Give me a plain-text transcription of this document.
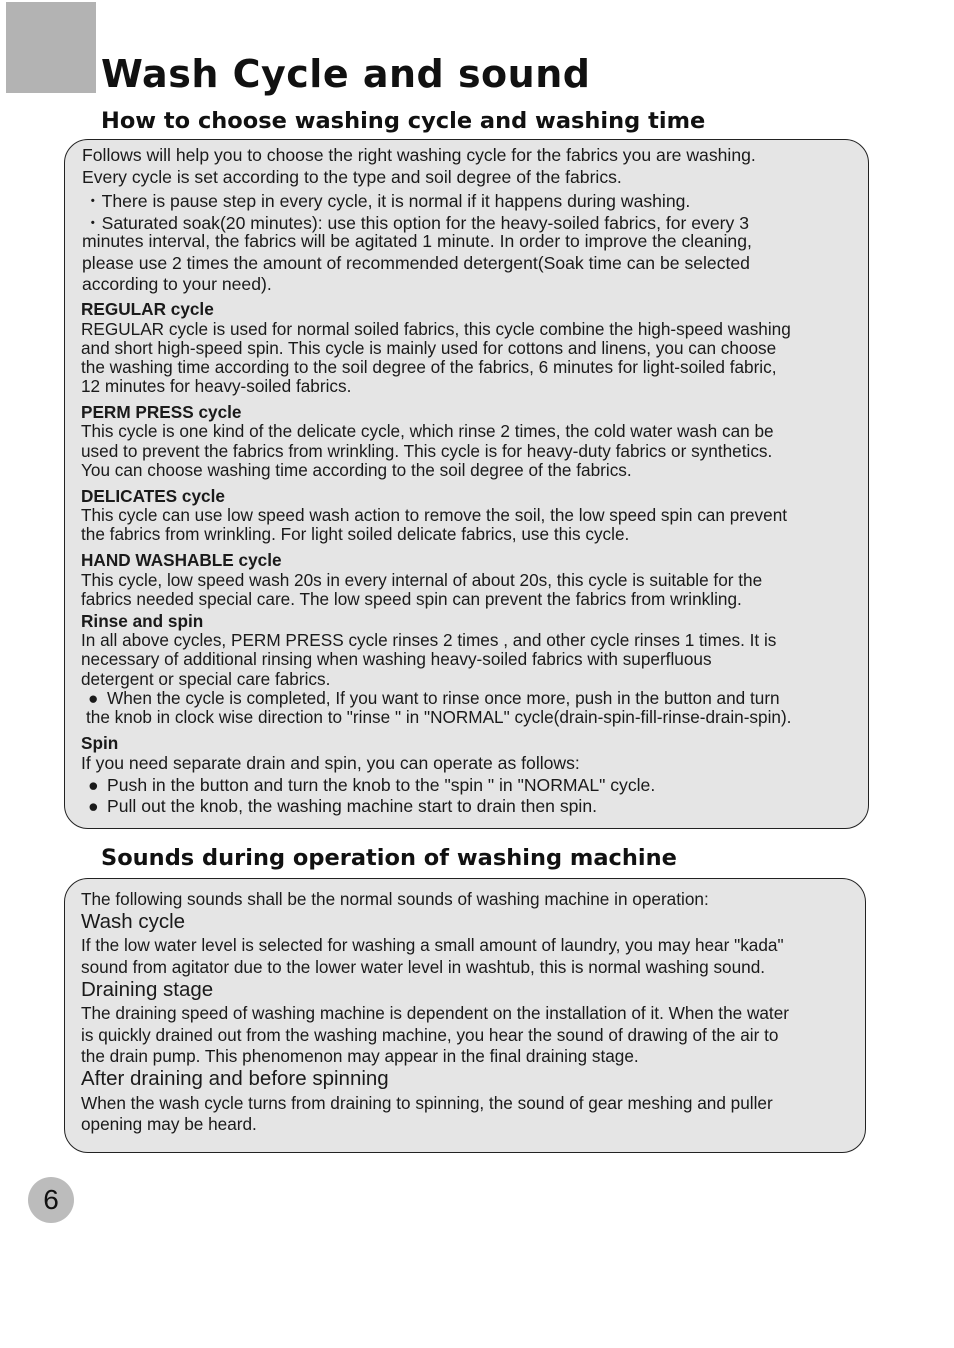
Wash Cycle and sound
How to choose washing cycle and washing time
Follows will help you to choose the right washing cycle for the fabrics you are washing.
Every cycle is set according to the type and soil degree of the fabrics.
・There is pause step in every cycle, it is normal if it happens during washing.
・Saturated soak(20 minutes): use this option for the heavy-soiled fabrics, for every 3
minutes interval, the fabrics will be agitated 1 minute. In order to improve the cleaning,
please use 2 times the amount of recommended detergent(Soak time can be selected
according to your need).
REGULAR cycle
REGULAR cycle is used for normal soiled fabrics, this cycle combine the high-speed washing
and short high-speed spin. This cycle is mainly used for cottons and linens, you can choose
the washing time according to the soil degree of the fabrics, 6 minutes for light-soiled fabric,
12 minutes for heavy-soiled fabrics.
PERM PRESS cycle
This cycle is one kind of the delicate cycle, which rinse 2 times, the cold water wash can be
used to prevent the fabrics from wrinkling. This cycle is for heavy-duty fabrics or synthetics.
You can choose washing time according to the soil degree of the fabrics.
DELICATES cycle
This cycle can use low speed wash action to remove the soil, the low speed spin can prevent
the fabrics from wrinkling. For light soiled delicate fabrics, use this cycle.
HAND WASHABLE cycle
This cycle, low speed wash 20s in every internal of about 20s, this cycle is suitable for the
fabrics needed special care. The low speed spin can prevent the fabrics from wrinkling.
Rinse and spin
In all above cycles, PERM PRESS cycle rinses 2 times , and other cycle rinses 1 times. It is
necessary of additional rinsing when washing heavy-soiled fabrics with superfluous
detergent or special care fabrics.
● When the cycle is completed, If you want to rinse once more, push in the button and turn
the knob in clock wise direction to "rinse " in "NORMAL" cycle(drain-spin-fill-rinse-drain-spin).
Spin
If you need separate drain and spin, you can operate as follows:
● Push in the button and turn the knob to the "spin " in "NORMAL" cycle.
● Pull out the knob, the washing machine start to drain then spin.
Sounds during operation of washing machine
The following sounds shall be the normal sounds of washing machine in operation:
Wash cycle
If the low water level is selected for washing a small amount of laundry, you may hear "kada"
sound from agitator due to the lower water level in washtub, this is normal washing sound.
Draining stage
The draining speed of washing machine is dependent on the installation of it. When the water
is quickly drained out from the washing machine, you hear the sound of drawing of the air to
the drain pump. This phenomenon may appear in the final draining stage.
After draining and before spinning
When the wash cycle turns from draining to spinning, the sound of gear meshing and puller
opening may be heard.
6
